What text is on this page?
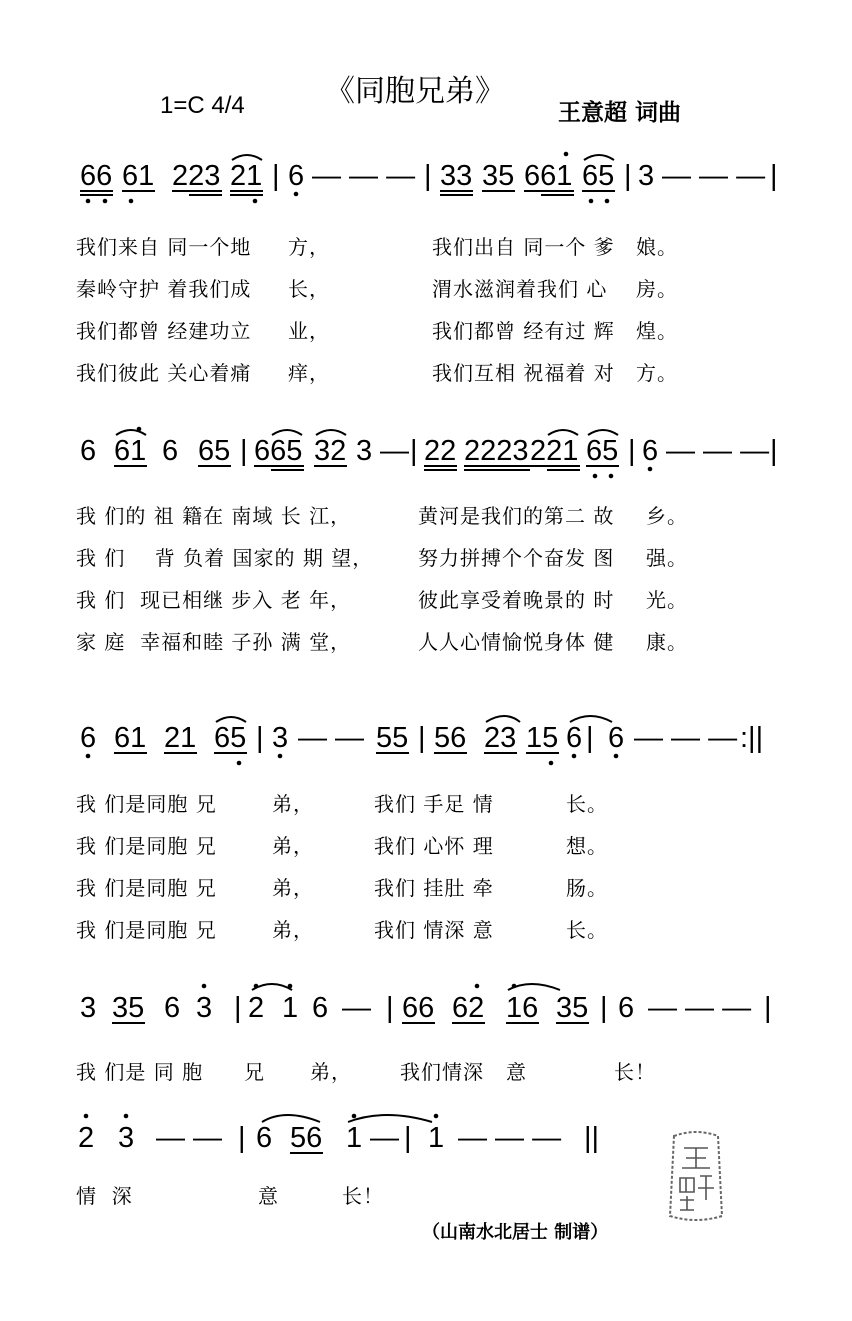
《同胞兄弟》
1=C 4/4	王意超 词曲
66 61 223 21 | 6 — — — | 33 35 661 65 | 3 — — — |
我们来自 同一个地 方，	我们出自 同一个 爹 娘。
秦岭守护 着我们成 长，	渭水滋润着我们 心 房。
我们都曾 经建功立 业，	我们都曾 经有过 辉 煌。
我们彼此 关心着痛 痒，	我们互相 祝福着 对 方。
6 61 6 65 | 665 32 3 — | 22 2223 221 65 | 6 — — — |
我 们的 祖 籍在 南域 长 江，	黄河是我们的第二 故 乡。
我 们    背 负着 国家的 期 望， 努力拼搏个个奋发 图 强。
我 们  现已相继 步入 老 年，	彼此享受着晚景的 时 光。
家 庭  幸福和睦 子孙 满 堂，	人人心情愉悦身体 健 康。
6 61 21 65 | 3 — — 55 | 56 23 15 6 | 6 — — — :||
我 们是同胞 兄	弟，	我们 手足 情	长。
我 们是同胞 兄	弟，	我们 心怀 理	想。
我 们是同胞 兄	弟，	我们 挂肚 牵	肠。
我 们是同胞 兄	弟，	我们 情深 意	长。
3 35 6 3 | 2 1 6 — | 66 62 16 35 | 6 — — — |
我 们是 同 胞 兄 弟， 我们情深 意	长！
2 3 — — | 6 56 1 — | 1 — — — ||
情  深	意	长！
（山南水北居士 制谱）
